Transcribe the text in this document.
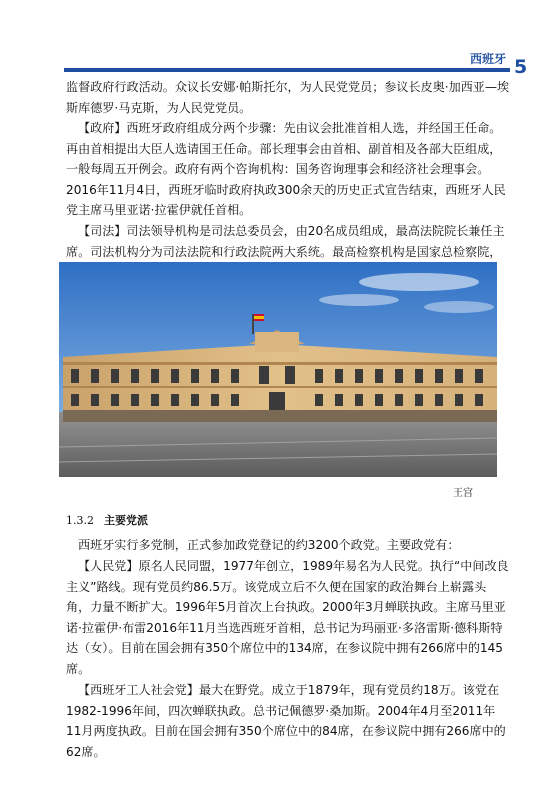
西班牙 5

监督政府行政活动。众议长安娜·帕斯托尔，为人民党党员；参议长皮奥·加西亚—埃斯库德罗·马克斯，为人民党党员。

【政府】西班牙政府组成分两个步骤：先由议会批准首相人选，并经国王任命。再由首相提出大臣人选请国王任命。部长理事会由首相、副首相及各部大臣组成，一般每周五开例会。政府有两个咨询机构：国务咨询理事会和经济社会理事会。2016年11月4日，西班牙临时政府执政300余天的历史正式宣告结束，西班牙人民党主席马里亚诺·拉霍伊就任首相。

【司法】司法领导机构是司法总委员会，由20名成员组成，最高法院院长兼任主席。司法机构分为司法法院和行政法院两大系统。最高检察机构是国家总检察院，

王宫
1.3.2 主要党派

西班牙实行多党制，正式参加政党登记的约3200个政党。主要政党有：

【人民党】原名人民同盟，1977年创立，1989年易名为人民党。执行“中间改良主义”路线。现有党员约86.5万。该党成立后不久便在国家的政治舞台上崭露头角，力量不断扩大。1996年5月首次上台执政。2000年3月蝉联执政。主席马里亚诺·拉霍伊·布雷2016年11月当选西班牙首相，总书记为玛丽亚·多洛雷斯·德科斯特达（女）。目前在国会拥有350个席位中的134席，在参议院中拥有266席中的145席。

【西班牙工人社会党】最大在野党。成立于1879年，现有党员约18万。该党在1982-1996年间，四次蝉联执政。总书记佩德罗·桑加斯。2004年4月至2011年11月两度执政。目前在国会拥有350个席位中的84席，在参议院中拥有266席中的62席。
